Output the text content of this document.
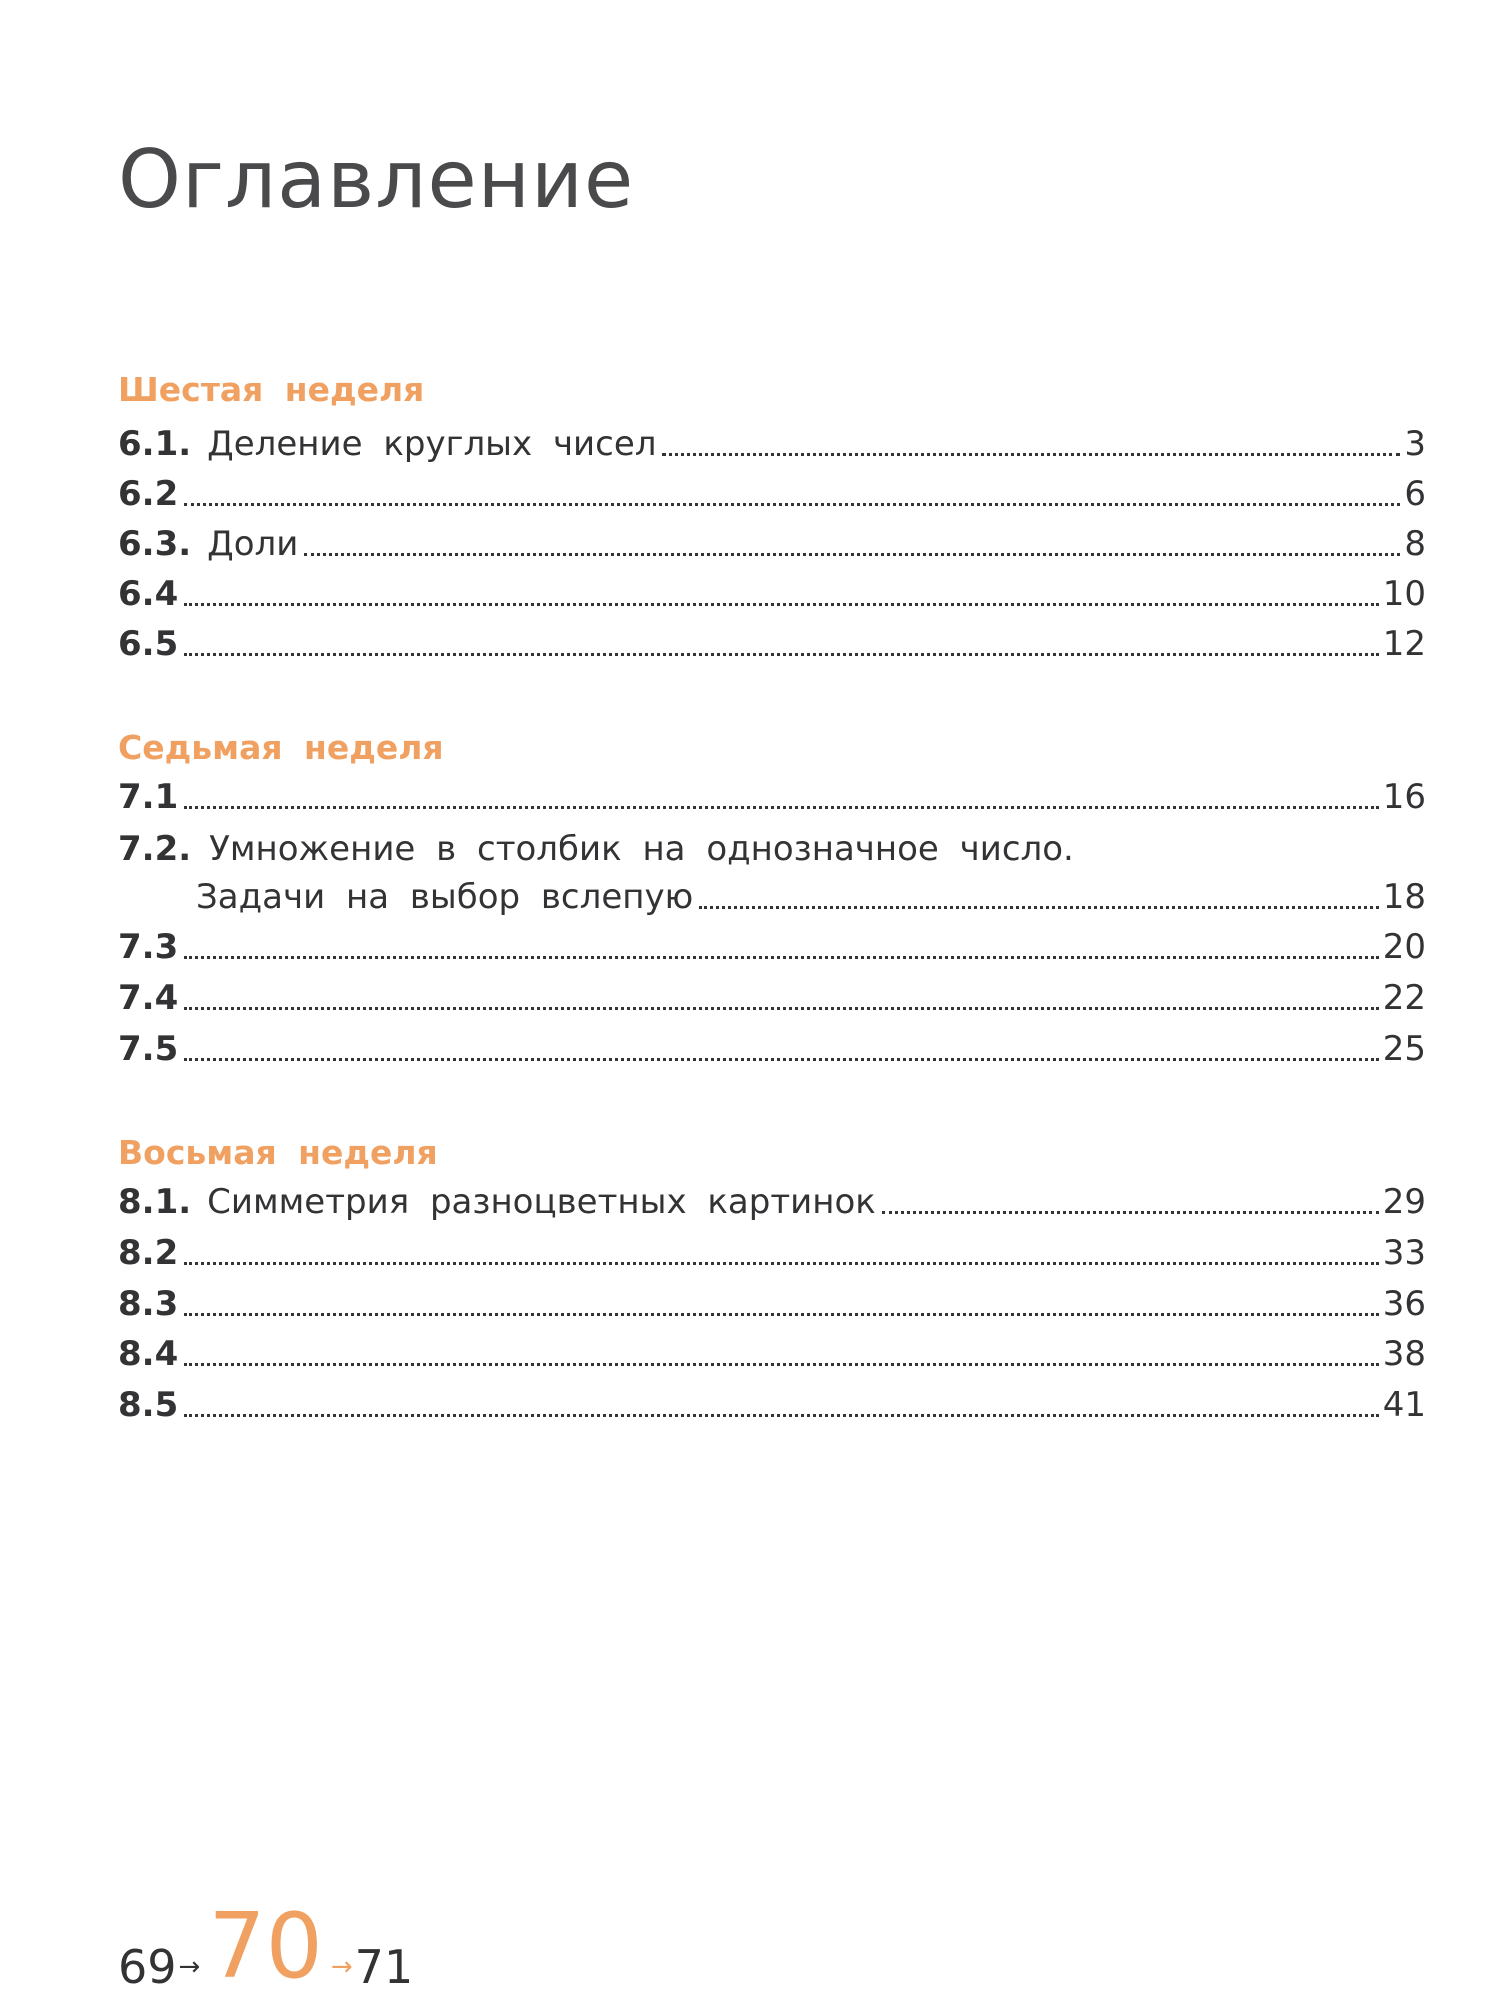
Оглавление
Шестая неделя
6.1. Деление круглых чисел	3
6.2	6
6.3. Доли	8
6.4	10
6.5	12
Седьмая неделя
7.1	16
7.2. Умножение в столбик на однозначное число.
Задачи на выбор вслепую	18
7.3	20
7.4	22
7.5	25
Восьмая неделя
8.1. Симметрия разноцветных картинок	29
8.2	33
8.3	36
8.4	38
8.5	41
69 → 70 → 71
